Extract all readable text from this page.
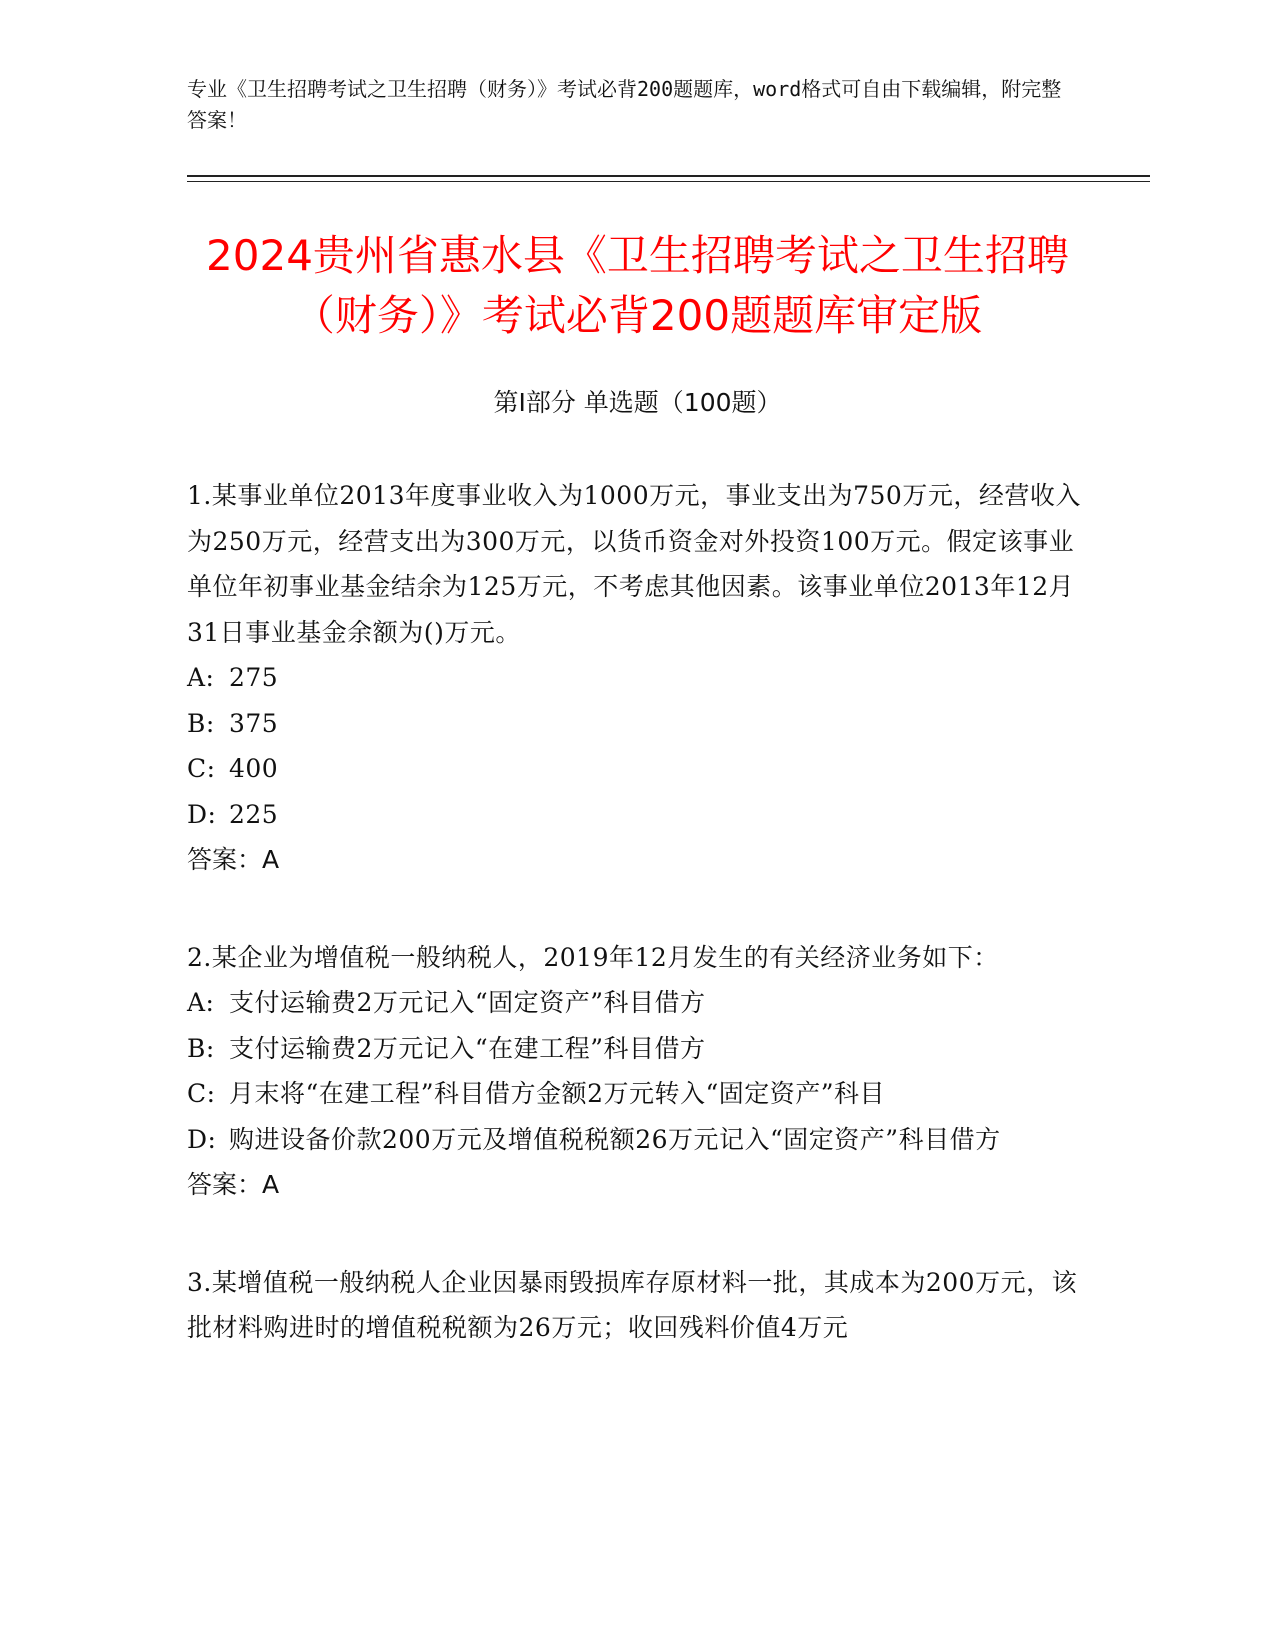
专业《卫生招聘考试之卫生招聘（财务）》考试必背200题题库，word格式可自由下载编辑，附完整答案！
2024贵州省惠水县《卫生招聘考试之卫生招聘（财务）》考试必背200题题库审定版
第Ⅰ部分 单选题（100题）
1.某事业单位2013年度事业收入为1000万元，事业支出为750万元，经营收入为250万元，经营支出为300万元，以货币资金对外投资100万元。假定该事业单位年初事业基金结余为125万元，不考虑其他因素。该事业单位2013年12月31日事业基金余额为()万元。
A: 275
B: 375
C: 400
D: 225
答案：A
2.某企业为增值税一般纳税人，2019年12月发生的有关经济业务如下：
A: 支付运输费2万元记入“固定资产”科目借方
B: 支付运输费2万元记入“在建工程”科目借方
C: 月末将“在建工程”科目借方金额2万元转入“固定资产”科目
D: 购进设备价款200万元及增值税税额26万元记入“固定资产”科目借方
答案：A
3.某增值税一般纳税人企业因暴雨毁损库存原材料一批，其成本为200万元，该批材料购进时的增值税税额为26万元；收回残料价值4万元
